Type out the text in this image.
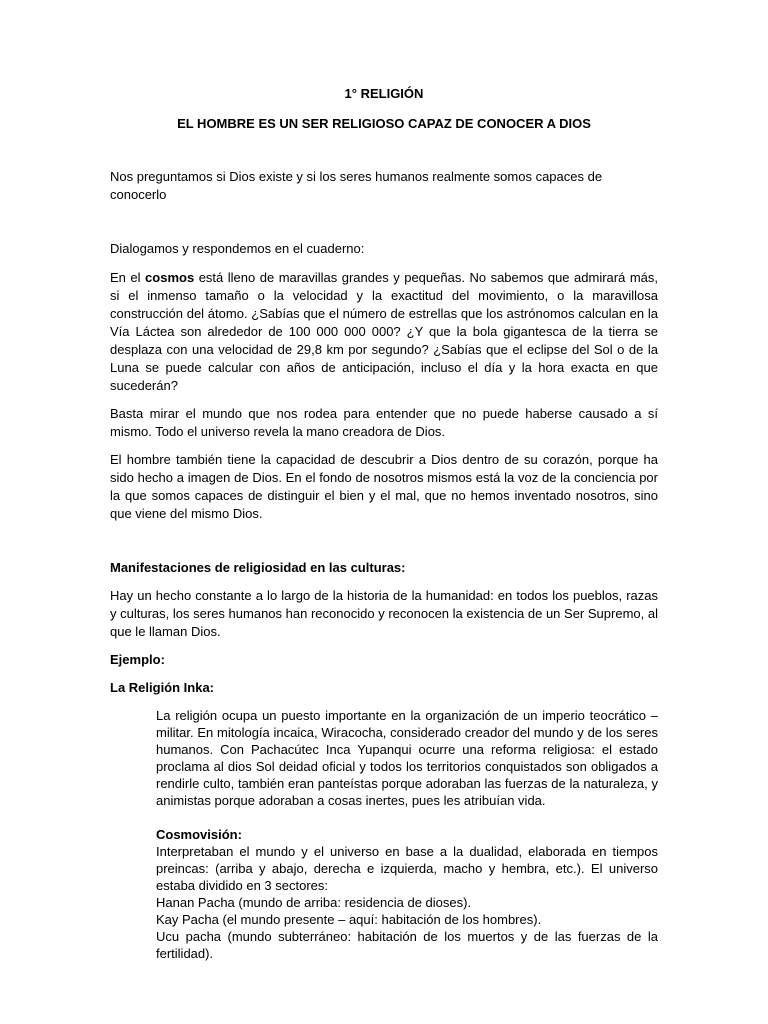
1° RELIGIÓN

EL HOMBRE ES UN SER RELIGIOSO CAPAZ DE CONOCER A DIOS

Nos preguntamos si Dios existe y si los seres humanos realmente somos capaces de conocerlo

Dialogamos y respondemos en el cuaderno:

En el cosmos está lleno de maravillas grandes y pequeñas. No sabemos que admirará más, si el inmenso tamaño o la velocidad y la exactitud del movimiento, o la maravillosa construcción del átomo. ¿Sabías que el número de estrellas que los astrónomos calculan en la Vía Láctea son alrededor de 100 000 000 000? ¿Y que la bola gigantesca de la tierra se desplaza con una velocidad de 29,8 km por segundo? ¿Sabías que el eclipse del Sol o de la Luna se puede calcular con años de anticipación, incluso el día y la hora exacta en que sucederán?

Basta mirar el mundo que nos rodea para entender que no puede haberse causado a sí mismo. Todo el universo revela la mano creadora de Dios.

El hombre también tiene la capacidad de descubrir a Dios dentro de su corazón, porque ha sido hecho a imagen de Dios. En el fondo de nosotros mismos está la voz de la conciencia por la que somos capaces de distinguir el bien y el mal, que no hemos inventado nosotros, sino que viene del mismo Dios.

Manifestaciones de religiosidad en las culturas:

Hay un hecho constante a lo largo de la historia de la humanidad: en todos los pueblos, razas y culturas, los seres humanos han reconocido y reconocen la existencia de un Ser Supremo, al que le llaman Dios.

Ejemplo:

La Religión Inka:

La religión ocupa un puesto importante en la organización de un imperio teocrático – militar. En mitología incaica, Wiracocha, considerado creador del mundo y de los seres humanos. Con Pachacútec Inca Yupanqui ocurre una reforma religiosa: el estado proclama al dios Sol deidad oficial y todos los territorios conquistados son obligados a rendirle culto, también eran panteístas porque adoraban las fuerzas de la naturaleza, y animistas porque adoraban a cosas inertes, pues les atribuían vida.

Cosmovisión:

Interpretaban el mundo y el universo en base a la dualidad, elaborada en tiempos preincas: (arriba y abajo, derecha e izquierda, macho y hembra, etc.). El universo estaba dividido en 3 sectores:

Hanan Pacha (mundo de arriba: residencia de dioses).

Kay Pacha (el mundo presente – aquí: habitación de los hombres).

Ucu pacha (mundo subterráneo: habitación de los muertos y de las fuerzas de la fertilidad).
